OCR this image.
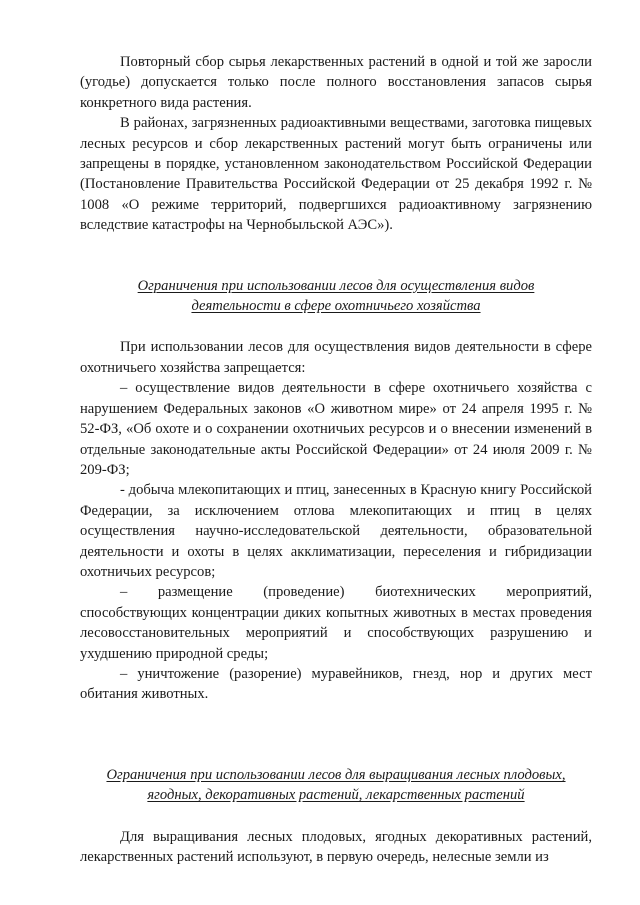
Повторный сбор сырья лекарственных растений в одной и той же заросли (угодье) допускается только после полного восстановления запасов сырья конкретного вида растения.

В районах, загрязненных радиоактивными веществами, заготовка пищевых лесных ресурсов и сбор лекарственных растений могут быть ограничены или запрещены в порядке, установленном законодательством Российской Федерации (Постановление Правительства Российской Федерации от 25 декабря 1992 г. № 1008 «О режиме территорий, подвергшихся радиоактивному загрязнению вследствие катастрофы на Чернобыльской АЭС»).

Ограничения при использовании лесов для осуществления видов

деятельности в сфере охотничьего хозяйства

При использовании лесов для осуществления видов деятельности в сфере охотничьего хозяйства запрещается:

– осуществление видов деятельности в сфере охотничьего хозяйства с нарушением Федеральных законов «О животном мире» от 24 апреля 1995 г. № 52-ФЗ, «Об охоте и о сохранении охотничьих ресурсов и о внесении изменений в отдельные законодательные акты Российской Федерации» от 24 июля 2009 г. № 209-ФЗ;

- добыча млекопитающих и птиц, занесенных в Красную книгу Российской Федерации, за исключением отлова млекопитающих и птиц в целях осуществления научно-исследовательской деятельности, образовательной деятельности и охоты в целях акклиматизации, переселения и гибридизации охотничьих ресурсов;

– размещение (проведение) биотехнических мероприятий, способствующих концентрации диких копытных животных в местах проведения лесовосстановительных мероприятий и способствующих разрушению и ухудшению природной среды;

– уничтожение (разорение) муравейников, гнезд, нор и других мест обитания животных.

Ограничения при использовании лесов для выращивания лесных плодовых,

ягодных, декоративных растений, лекарственных растений

Для выращивания лесных плодовых, ягодных декоративных растений, лекарственных растений используют, в первую очередь, нелесные земли из
